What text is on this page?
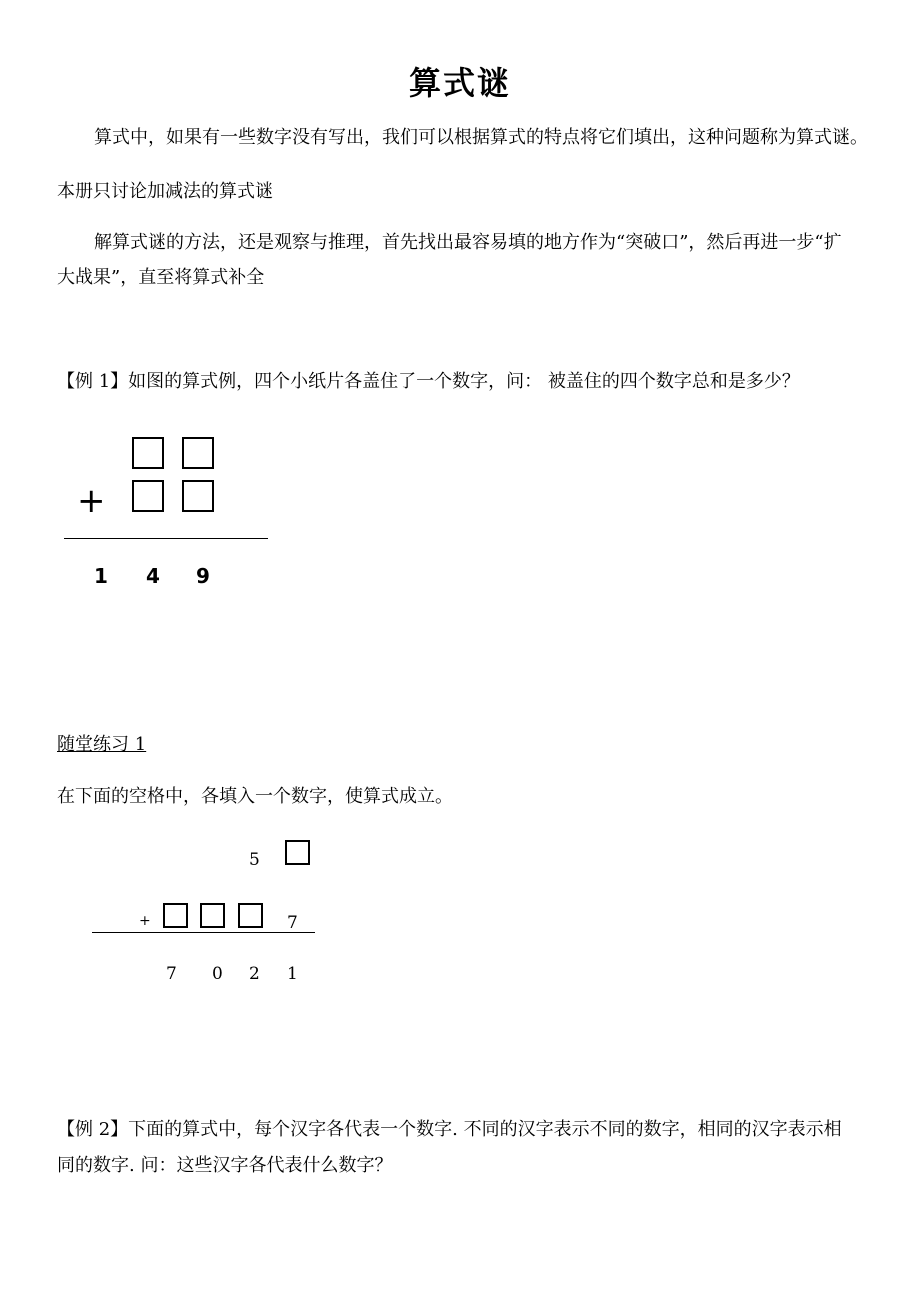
算式谜

算式中，如果有一些数字没有写出，我们可以根据算式的特点将它们填出，这种问题称为算式谜。

本册只讨论加减法的算式谜

解算式谜的方法，还是观察与推理，首先找出最容易填的地方作为“突破口”，然后再进一步“扩

大战果”，直至将算式补全

【例 1】如图的算式例，四个小纸片各盖住了一个数字，问： 被盖住的四个数字总和是多少？

+
1 4 9

随堂练习 1

在下面的空格中，各填入一个数字，使算式成立。

5
+	7
7 0 2 1

【例 2】下面的算式中，每个汉字各代表一个数字. 不同的汉字表示不同的数字，相同的汉字表示相

同的数字. 问：这些汉字各代表什么数字？
